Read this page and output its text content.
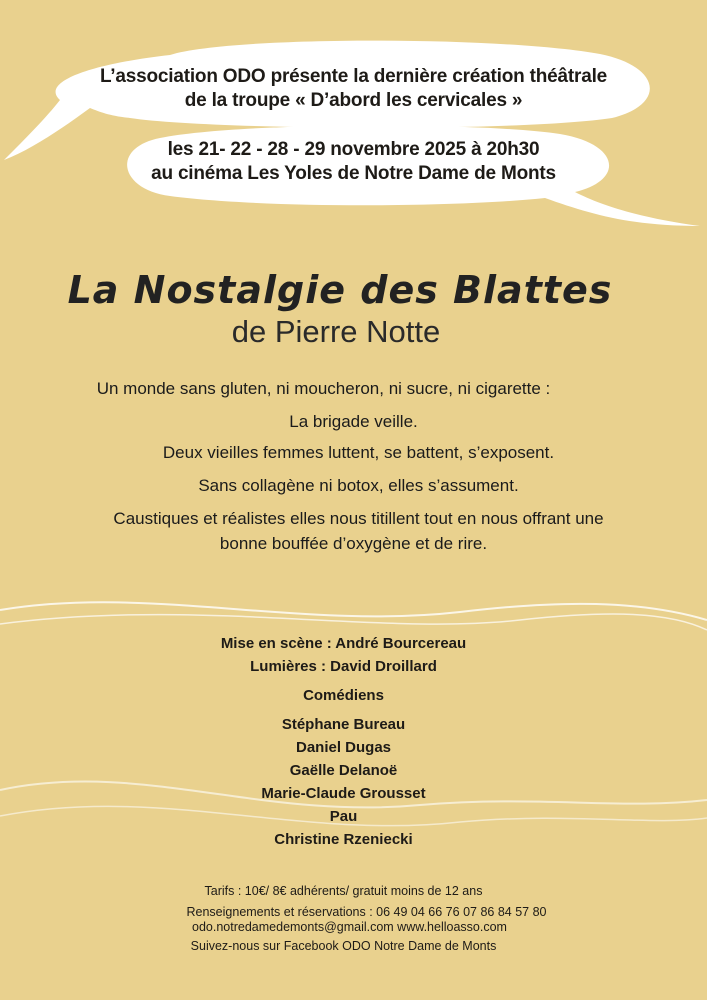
L’association ODO présente la dernière création théâtrale
de la troupe « D’abord les cervicales »
les 21- 22 - 28 - 29 novembre 2025 à 20h30
au cinéma Les Yoles de Notre Dame de Monts
La Nostalgie des Blattes
de Pierre Notte
Un monde sans gluten, ni moucheron, ni sucre, ni cigarette :
La brigade veille.
Deux vieilles femmes luttent, se battent, s’exposent.
Sans collagène ni botox, elles s’assument.
Caustiques et réalistes elles nous titillent tout en nous offrant une
bonne bouffée d’oxygène et de rire.
Mise en scène : André Bourcereau
Lumières : David Droillard
Comédiens
Stéphane Bureau
Daniel Dugas
Gaëlle Delanoë
Marie-Claude Grousset
Pau
Christine Rzeniecki
Tarifs : 10€/ 8€ adhérents/ gratuit moins de 12 ans
Renseignements et réservations : 06 49 04 66 76 07 86 84 57 80
odo.notredamedemonts@gmail.com www.helloasso.com
Suivez-nous sur Facebook ODO Notre Dame de Monts
